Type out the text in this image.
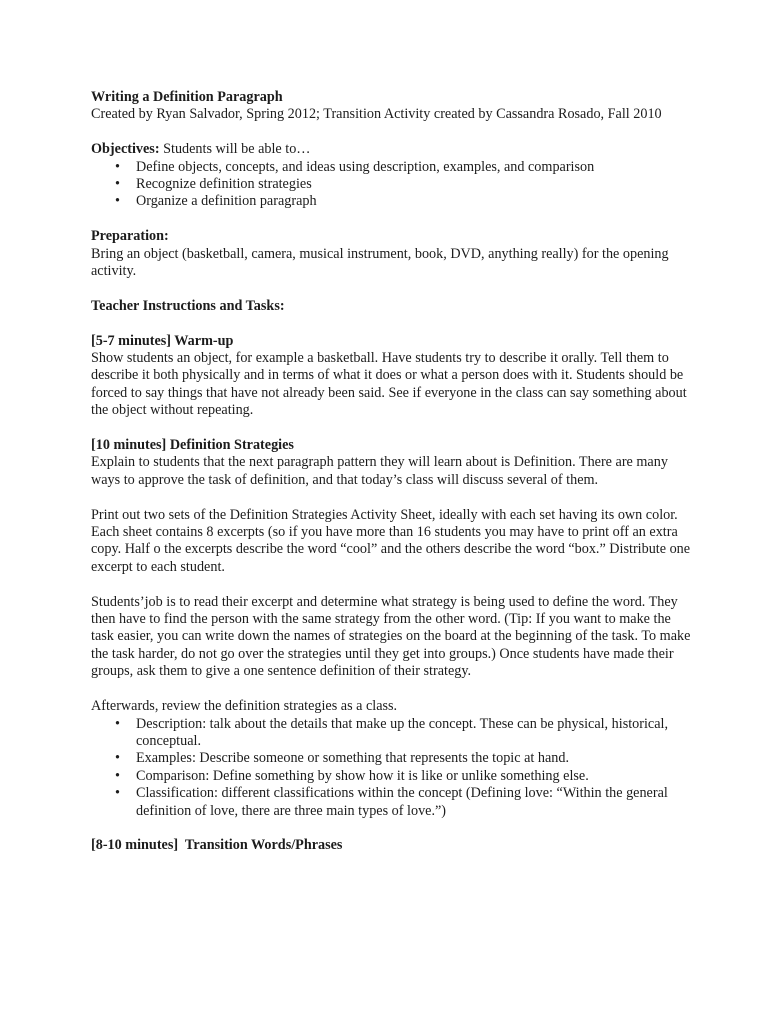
Writing a Definition Paragraph

Created by Ryan Salvador, Spring 2012; Transition Activity created by Cassandra Rosado, Fall 2010

Objectives: Students will be able to…

• Define objects, concepts, and ideas using description, examples, and comparison
• Recognize definition strategies
• Organize a definition paragraph

Preparation:

Bring an object (basketball, camera, musical instrument, book, DVD, anything really) for the opening activity.

Teacher Instructions and Tasks:

[5-7 minutes] Warm-up

Show students an object, for example a basketball. Have students try to describe it orally. Tell them to describe it both physically and in terms of what it does or what a person does with it. Students should be forced to say things that have not already been said. See if everyone in the class can say something about the object without repeating.

[10 minutes] Definition Strategies

Explain to students that the next paragraph pattern they will learn about is Definition. There are many ways to approve the task of definition, and that today’s class will discuss several of them.

Print out two sets of the Definition Strategies Activity Sheet, ideally with each set having its own color. Each sheet contains 8 excerpts (so if you have more than 16 students you may have to print off an extra copy. Half o the excerpts describe the word “cool” and the others describe the word “box.” Distribute one excerpt to each student.

Students’job is to read their excerpt and determine what strategy is being used to define the word. They then have to find the person with the same strategy from the other word. (Tip: If you want to make the task easier, you can write down the names of strategies on the board at the beginning of the task. To make the task harder, do not go over the strategies until they get into groups.) Once students have made their groups, ask them to give a one sentence definition of their strategy.

Afterwards, review the definition strategies as a class.

• Description: talk about the details that make up the concept. These can be physical, historical, conceptual.
• Examples: Describe someone or something that represents the topic at hand.
• Comparison: Define something by show how it is like or unlike something else.
• Classification: different classifications within the concept (Defining love: “Within the general definition of love, there are three main types of love.”)

[8-10 minutes]  Transition Words/Phrases
